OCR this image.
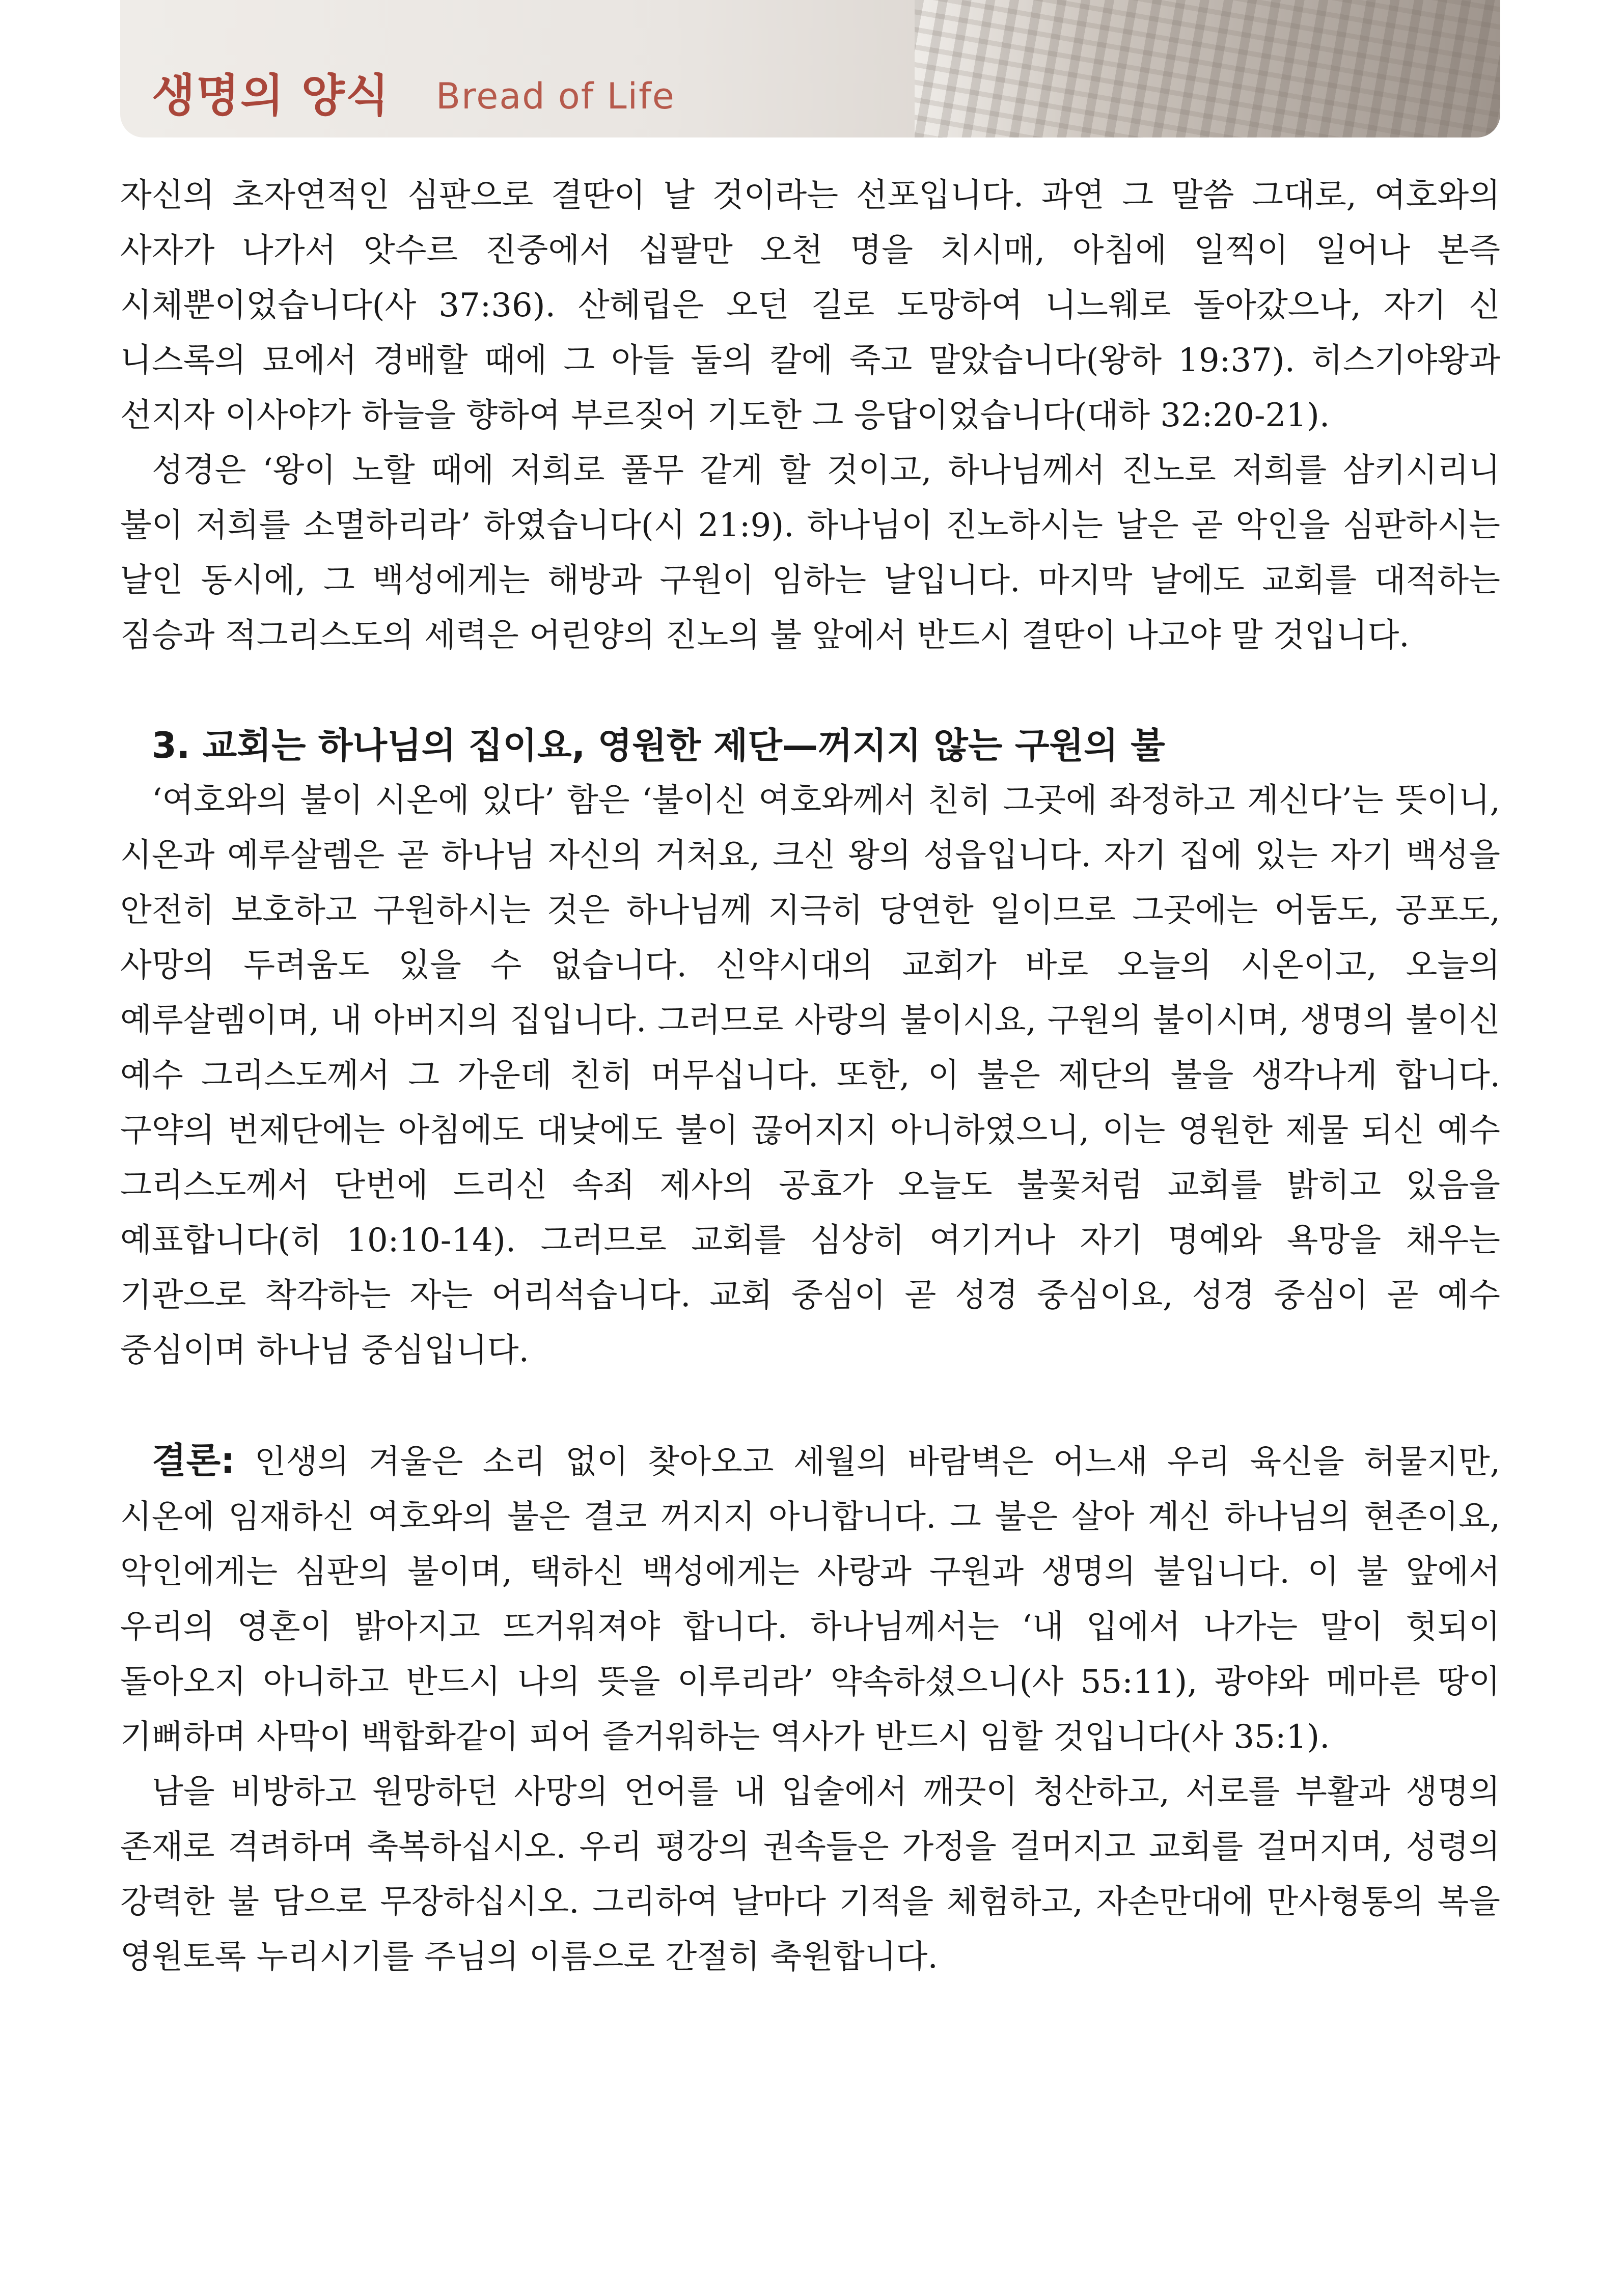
생명의 양식 Bread of Life

자신의 초자연적인 심판으로 결딴이 날 것이라는 선포입니다. 과연 그 말씀 그대로, 여호와의 사자가 나가서 앗수르 진중에서 십팔만 오천 명을 치시매, 아침에 일찍이 일어나 본즉 시체뿐이었습니다(사 37:36). 산헤립은 오던 길로 도망하여 니느웨로 돌아갔으나, 자기 신 니스록의 묘에서 경배할 때에 그 아들 둘의 칼에 죽고 말았습니다(왕하 19:37). 히스기야왕과 선지자 이사야가 하늘을 향하여 부르짖어 기도한 그 응답이었습니다(대하 32:20-21).

성경은 ‘왕이 노할 때에 저희로 풀무 같게 할 것이고, 하나님께서 진노로 저희를 삼키시리니 불이 저희를 소멸하리라’ 하였습니다(시 21:9). 하나님이 진노하시는 날은 곧 악인을 심판하시는 날인 동시에, 그 백성에게는 해방과 구원이 임하는 날입니다. 마지막 날에도 교회를 대적하는 짐승과 적그리스도의 세력은 어린양의 진노의 불 앞에서 반드시 결딴이 나고야 말 것입니다.

3. 교회는 하나님의 집이요, 영원한 제단—꺼지지 않는 구원의 불

‘여호와의 불이 시온에 있다’ 함은 ‘불이신 여호와께서 친히 그곳에 좌정하고 계신다’는 뜻이니, 시온과 예루살렘은 곧 하나님 자신의 거처요, 크신 왕의 성읍입니다. 자기 집에 있는 자기 백성을 안전히 보호하고 구원하시는 것은 하나님께 지극히 당연한 일이므로 그곳에는 어둠도, 공포도, 사망의 두려움도 있을 수 없습니다. 신약시대의 교회가 바로 오늘의 시온이고, 오늘의 예루살렘이며, 내 아버지의 집입니다. 그러므로 사랑의 불이시요, 구원의 불이시며, 생명의 불이신 예수 그리스도께서 그 가운데 친히 머무십니다. 또한, 이 불은 제단의 불을 생각나게 합니다. 구약의 번제단에는 아침에도 대낮에도 불이 끊어지지 아니하였으니, 이는 영원한 제물 되신 예수 그리스도께서 단번에 드리신 속죄 제사의 공효가 오늘도 불꽃처럼 교회를 밝히고 있음을 예표합니다(히 10:10-14). 그러므로 교회를 심상히 여기거나 자기 명예와 욕망을 채우는 기관으로 착각하는 자는 어리석습니다. 교회 중심이 곧 성경 중심이요, 성경 중심이 곧 예수 중심이며 하나님 중심입니다.

결론: 인생의 겨울은 소리 없이 찾아오고 세월의 바람벽은 어느새 우리 육신을 허물지만, 시온에 임재하신 여호와의 불은 결코 꺼지지 아니합니다. 그 불은 살아 계신 하나님의 현존이요, 악인에게는 심판의 불이며, 택하신 백성에게는 사랑과 구원과 생명의 불입니다. 이 불 앞에서 우리의 영혼이 밝아지고 뜨거워져야 합니다. 하나님께서는 ‘내 입에서 나가는 말이 헛되이 돌아오지 아니하고 반드시 나의 뜻을 이루리라’ 약속하셨으니(사 55:11), 광야와 메마른 땅이 기뻐하며 사막이 백합화같이 피어 즐거워하는 역사가 반드시 임할 것입니다(사 35:1).

남을 비방하고 원망하던 사망의 언어를 내 입술에서 깨끗이 청산하고, 서로를 부활과 생명의 존재로 격려하며 축복하십시오. 우리 평강의 권속들은 가정을 걸머지고 교회를 걸머지며, 성령의 강력한 불 담으로 무장하십시오. 그리하여 날마다 기적을 체험하고, 자손만대에 만사형통의 복을 영원토록 누리시기를 주님의 이름으로 간절히 축원합니다.
